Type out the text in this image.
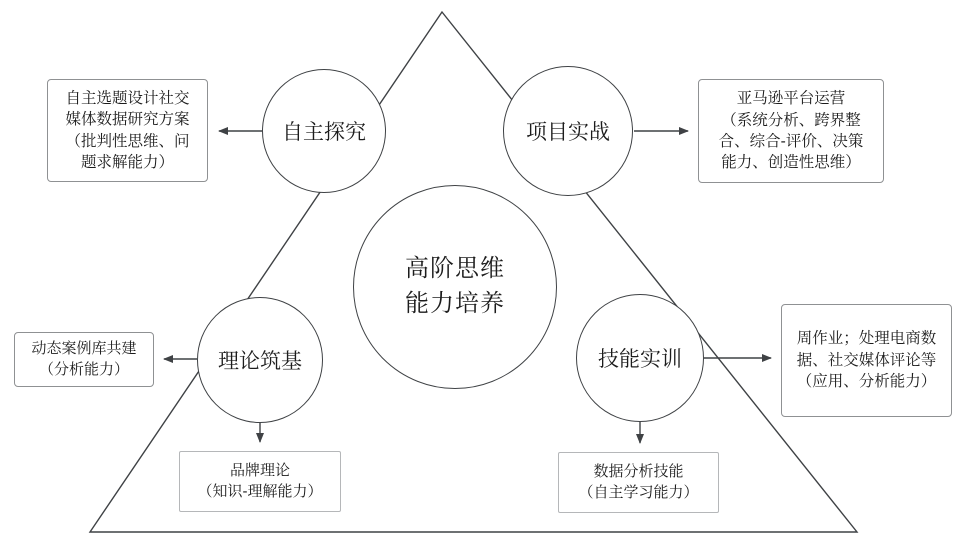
高阶思维
能力培养
自主探究	项目实战
理论筑基	技能实训
自主选题设计社交媒体数据研究方案
（批判性思维、问题求解能力）
亚马逊平台运营
（系统分析、跨界整合、综合-评价、决策能力、创造性思维）
动态案例库共建
（分析能力）
品牌理论
（知识-理解能力）
周作业；处理电商数据、社交媒体评论等
（应用、分析能力）
数据分析技能
（自主学习能力）
